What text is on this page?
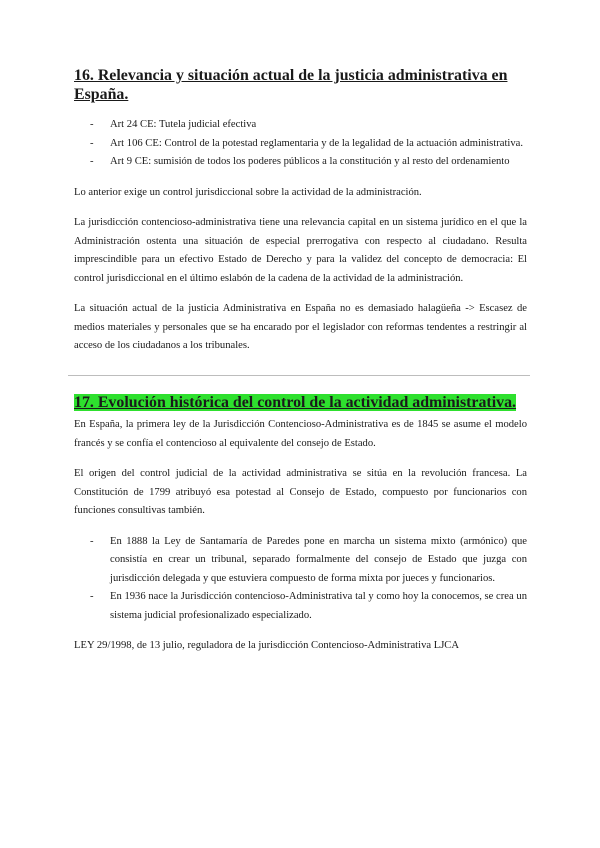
16. Relevancia y situación actual de la justicia administrativa en España.
- Art 24 CE: Tutela judicial efectiva
- Art 106 CE: Control de la potestad reglamentaria y de la legalidad de la actuación administrativa.
- Art 9 CE: sumisión de todos los poderes públicos a la constitución y al resto del ordenamiento

Lo anterior exige un control jurisdiccional sobre la actividad de la administración.

La jurisdicción contencioso-administrativa tiene una relevancia capital en un sistema jurídico en el que la Administración ostenta una situación de especial prerrogativa con respecto al ciudadano. Resulta imprescindible para un efectivo Estado de Derecho y para la validez del concepto de democracia: El control jurisdiccional en el último eslabón de la cadena de la actividad de la administración.

La situación actual de la justicia Administrativa en España no es demasiado halagüeña -> Escasez de medios materiales y personales que se ha encarado por el legislador con reformas tendentes a restringir al acceso de los ciudadanos a los tribunales.

17. Evolución histórica del control de la actividad administrativa.

En España, la primera ley de la Jurisdicción Contencioso-Administrativa es de 1845 se asume el modelo francés y se confía el contencioso al equivalente del consejo de Estado.

El origen del control judicial de la actividad administrativa se sitúa en la revolución francesa. La Constitución de 1799 atribuyó esa potestad al Consejo de Estado, compuesto por funcionarios con funciones consultivas también.

- En 1888 la Ley de Santamaría de Paredes pone en marcha un sistema mixto (armónico) que consistía en crear un tribunal, separado formalmente del consejo de Estado que juzga con jurisdicción delegada y que estuviera compuesto de forma mixta por jueces y funcionarios.
- En 1936 nace la Jurisdicción contencioso-Administrativa tal y como hoy la conocemos, se crea un sistema judicial profesionalizado especializado.

LEY 29/1998, de 13 julio, reguladora de la jurisdicción Contencioso-Administrativa LJCA
